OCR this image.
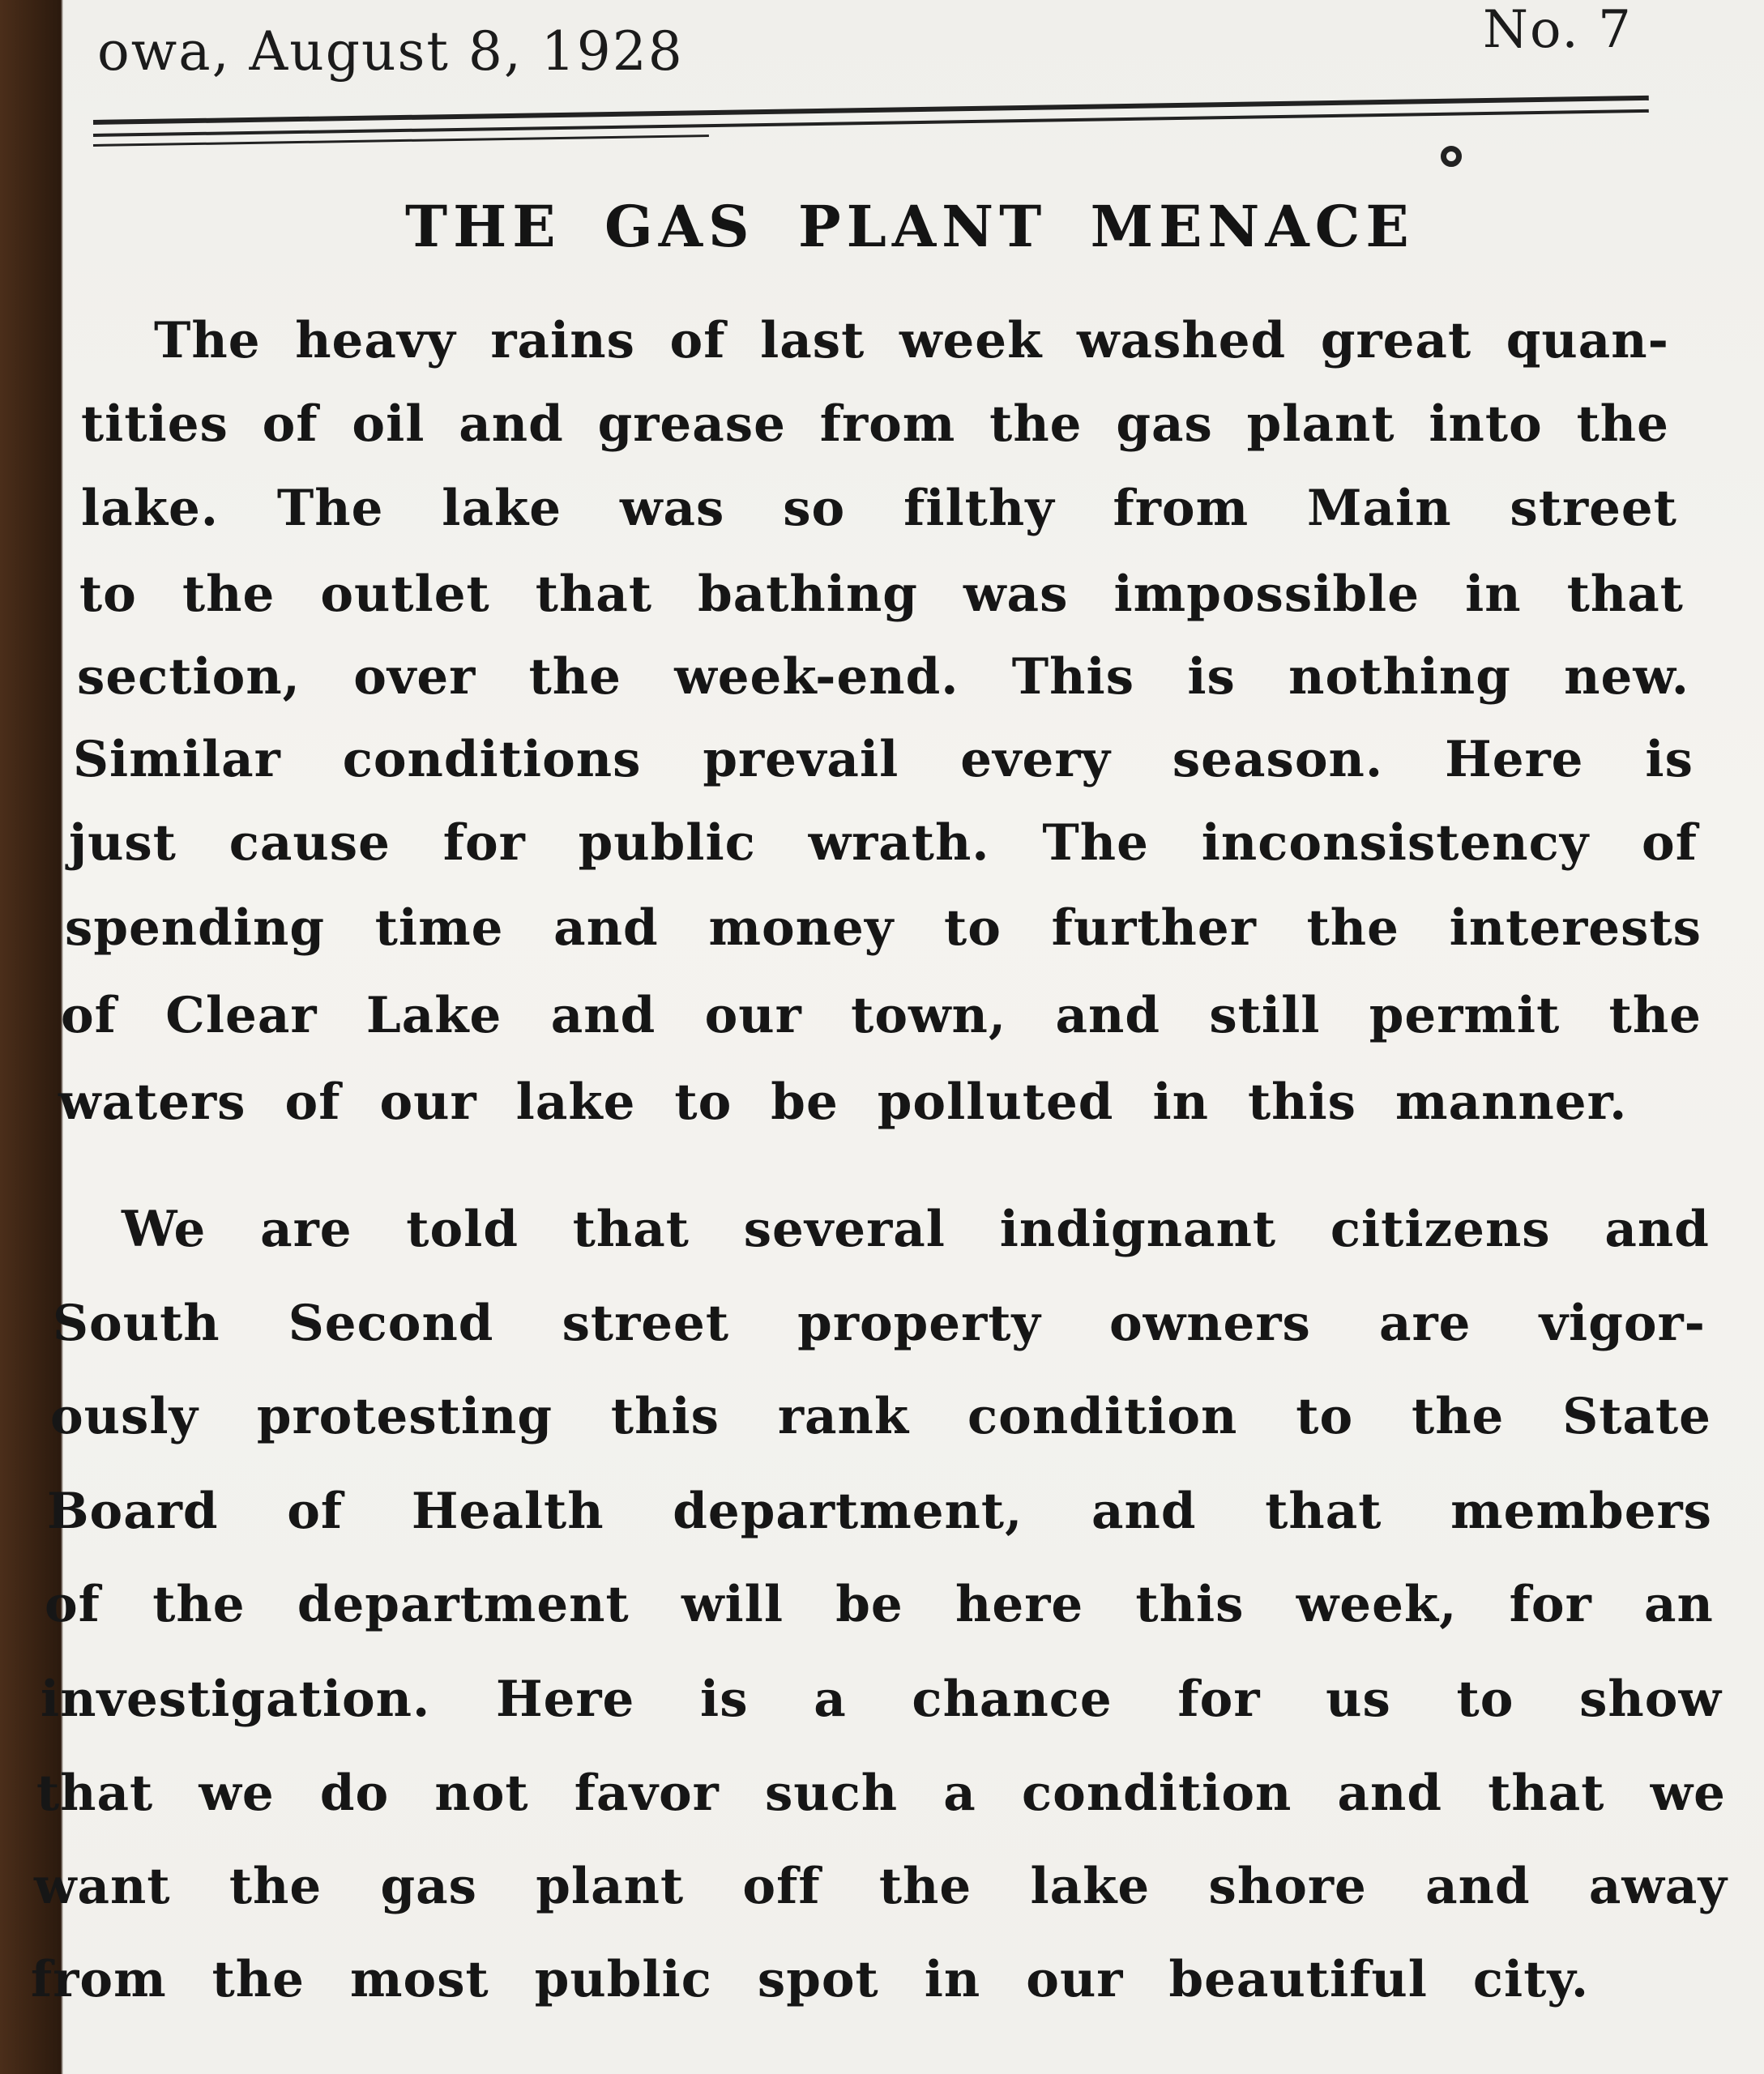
owa, August 8, 1928	No. 7
THE GAS PLANT MENACE
The heavy rains of last week washed great quan-
tities of oil and grease from the gas plant into the
lake. The lake was so filthy from Main street
to the outlet that bathing was impossible in that
section, over the week-end. This is nothing new.
Similar conditions prevail every season. Here is
just cause for public wrath. The inconsistency of
spending time and money to further the interests
of Clear Lake and our town, and still permit the
waters of our lake to be polluted in this manner.
We are told that several indignant citizens and
South Second street property owners are vigor-
ously protesting this rank condition to the State
Board of Health department, and that members
of the department will be here this week, for an
investigation. Here is a chance for us to show
that we do not favor such a condition and that we
want the gas plant off the lake shore and away
from the most public spot in our beautiful city.
